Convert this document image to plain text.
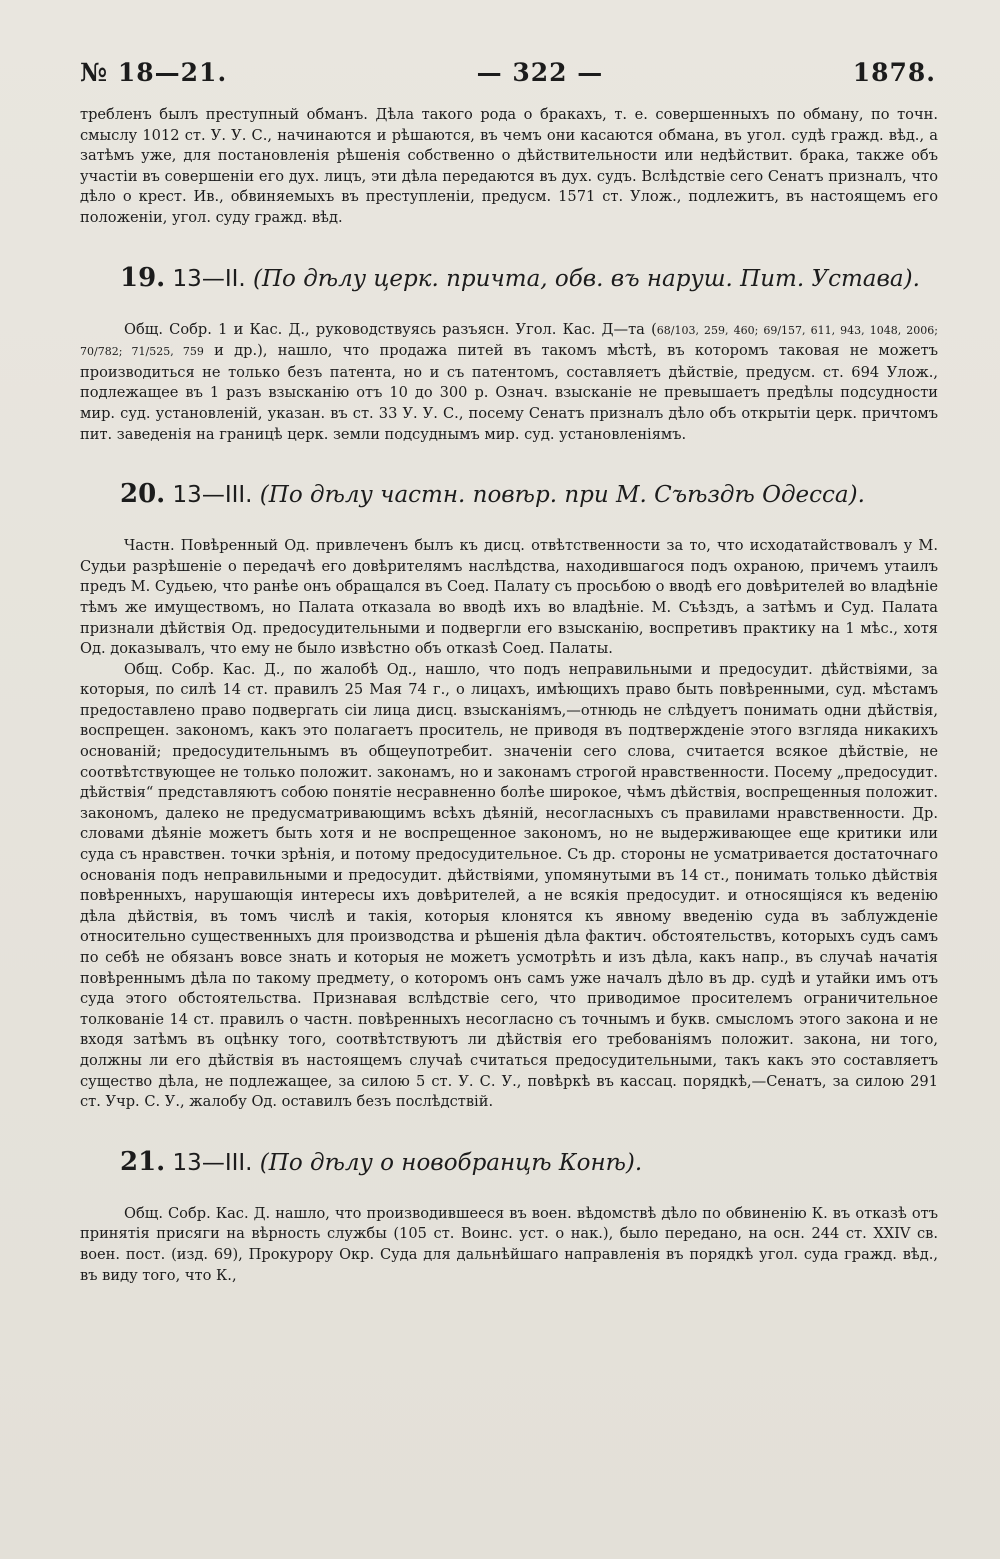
№ 18—21.	— 322 —	1878.

требленъ былъ преступный обманъ. Дѣла такого рода о бракахъ, т. е. совершенныхъ по обману, по точн. смыслу 1012 ст. У. У. С., начинаются и рѣшаются, въ чемъ они касаются обмана, въ угол. судѣ гражд. вѣд., а затѣмъ уже, для постановленія рѣшенія собственно о дѣйствительности или недѣйствит. брака, также объ участіи въ совершеніи его дух. лицъ, эти дѣла передаются въ дух. судъ. Вслѣдствіе сего Сенатъ призналъ, что дѣло о крест. Ив., обвиняемыхъ въ преступленіи, предусм. 1571 ст. Улож., подлежитъ, въ настоящемъ его положеніи, угол. суду гражд. вѣд.

19. 13—II. (По дѣлу церк. причта, обв. въ наруш. Пит. Устава).

Общ. Собр. 1 и Кас. Д., руководствуясь разъясн. Угол. Кас. Д—та (68/103, 259, 460; 69/157, 611, 943, 1048, 2006; 70/782; 71/525, 759 и др.), нашло, что продажа питей въ такомъ мѣстѣ, въ которомъ таковая не можетъ производиться не только безъ патента, но и съ патентомъ, составляетъ дѣйствіе, предусм. ст. 694 Улож., подлежащее въ 1 разъ взысканію отъ 10 до 300 р. Означ. взысканіе не превышаетъ предѣлы подсудности мир. суд. установленій, указан. въ ст. 33 У. У. С., посему Сенатъ призналъ дѣло объ открытіи церк. причтомъ пит. заведенія на границѣ церк. земли подсуднымъ мир. суд. установленіямъ.

20. 13—III. (По дѣлу частн. повѣр. при М. Съѣздѣ Одесса).

Частн. Повѣренный Од. привлеченъ былъ къ дисц. отвѣтственности за то, что исходатайствовалъ у М. Судьи разрѣшеніе о передачѣ его довѣрителямъ наслѣдства, находившагося подъ охраною, причемъ утаилъ предъ М. Судьею, что ранѣе онъ обращался въ Соед. Палату съ просьбою о вводѣ его довѣрителей во владѣніе тѣмъ же имуществомъ, но Палата отказала во вводѣ ихъ во владѣніе. М. Съѣздъ, а затѣмъ и Суд. Палата признали дѣйствія Од. предосудительными и подвергли его взысканію, воспретивъ практику на 1 мѣс., хотя Од. доказывалъ, что ему не было извѣстно объ отказѣ Соед. Палаты.

Общ. Собр. Кас. Д., по жалобѣ Од., нашло, что подъ неправильными и предосудит. дѣйствіями, за которыя, по силѣ 14 ст. правилъ 25 Мая 74 г., о лицахъ, имѣющихъ право быть повѣренными, суд. мѣстамъ предоставлено право подвергать сіи лица дисц. взысканіямъ,—отнюдь не слѣдуетъ понимать одни дѣйствія, воспрещен. закономъ, какъ это полагаетъ проситель, не приводя въ подтвержденіе этого взгляда никакихъ основаній; предосудительнымъ въ общеупотребит. значеніи сего слова, считается всякое дѣйствіе, не соотвѣтствующее не только положит. законамъ, но и законамъ строгой нравственности. Посему „предосудит. дѣйствія“ представляютъ собою понятіе несравненно болѣе широкое, чѣмъ дѣйствія, воспрещенныя положит. закономъ, далеко не предусматривающимъ всѣхъ дѣяній, несогласныхъ съ правилами нравственности. Др. словами дѣяніе можетъ быть хотя и не воспрещенное закономъ, но не выдерживающее еще критики или суда съ нравствен. точки зрѣнія, и потому предосудительное. Съ др. стороны не усматривается достаточнаго основанія подъ неправильными и предосудит. дѣйствіями, упомянутыми въ 14 ст., понимать только дѣйствія повѣренныхъ, нарушающія интересы ихъ довѣрителей, а не всякія предосудит. и относящіяся къ веденію дѣла дѣйствія, въ томъ числѣ и такія, которыя клонятся къ явному введенію суда въ заблужденіе относительно существенныхъ для производства и рѣшенія дѣла фактич. обстоятельствъ, которыхъ судъ самъ по себѣ не обязанъ вовсе знать и которыя не можетъ усмотрѣть и изъ дѣла, какъ напр., въ случаѣ начатія повѣреннымъ дѣла по такому предмету, о которомъ онъ самъ уже началъ дѣло въ др. судѣ и утайки имъ отъ суда этого обстоятельства. Признавая вслѣдствіе сего, что приводимое просителемъ ограничительное толкованіе 14 ст. правилъ о частн. повѣренныхъ несогласно съ точнымъ и букв. смысломъ этого закона и не входя затѣмъ въ оцѣнку того, соотвѣтствуютъ ли дѣйствія его требованіямъ положит. закона, ни того, должны ли его дѣйствія въ настоящемъ случаѣ считаться предосудительными, такъ какъ это составляетъ существо дѣла, не подлежащее, за силою 5 ст. У. С. У., повѣркѣ въ кассац. порядкѣ,—Сенатъ, за силою 291 ст. Учр. С. У., жалобу Од. оставилъ безъ послѣдствій.

21. 13—III. (По дѣлу о новобранцѣ Конѣ).

Общ. Собр. Кас. Д. нашло, что производившееся въ воен. вѣдомствѣ дѣло по обвиненію К. въ отказѣ отъ принятія присяги на вѣрность службы (105 ст. Воинс. уст. о нак.), было передано, на осн. 244 ст. XXIV св. воен. пост. (изд. 69), Прокурору Окр. Суда для дальнѣйшаго направленія въ порядкѣ угол. суда гражд. вѣд., въ виду того, что К.,
